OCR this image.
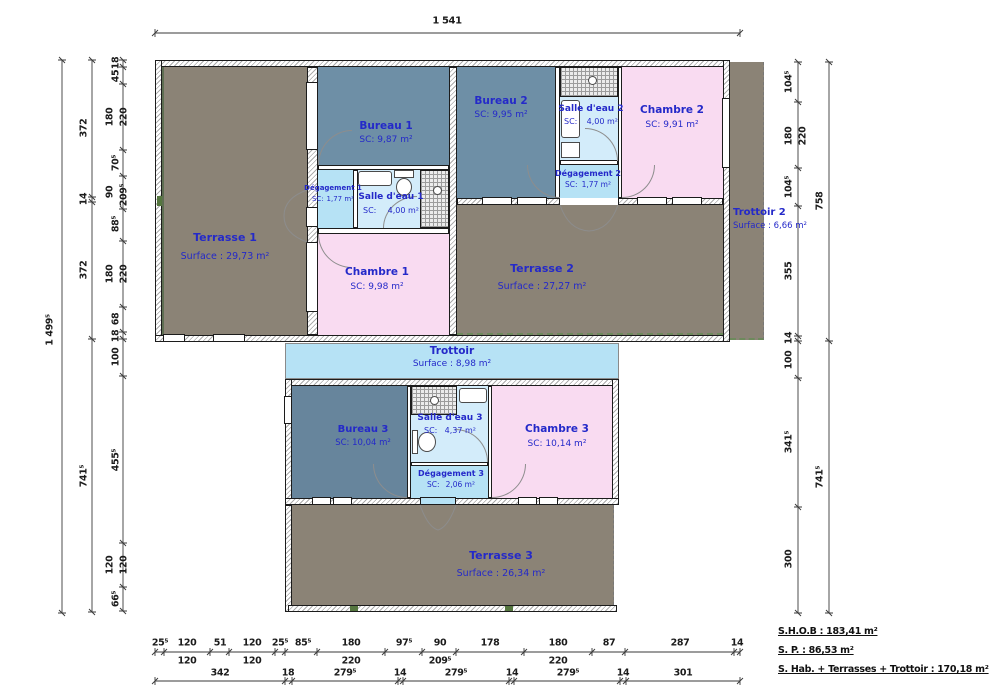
1 541
1 499⁵
372
14
372
741⁵
18
45
180 220
70⁵
90 209⁵
88⁵
180 220
68
18
100
455⁵
120 120
66⁵
104⁵
180 220
104⁵
355
14
100
341⁵
300
758
741⁵
25⁵ 120 51 120 25⁵ 85⁵	180	97⁵ 90	178	180	87	287	14
120	120	220	209⁵	220
342	18	279⁵	14	279⁵	14	279⁵	14	301
Terrasse 1
Surface : 29,73 m²
Bureau 1
SC: 9,87 m²
Dégagement 1
SC: 1,77 m² Salle d'eau 1
SC: 4,00 m²
Chambre 1
SC: 9,98 m²
Bureau 2
SC: 9,95 m²
Salle d'eau 2
SC: 4,00 m²
Chambre 2
SC: 9,91 m²
Dégagement 2
SC: 1,77 m²
Terrasse 2
Surface : 27,27 m²
Trottoir 2
Surface : 6,66 m²
Trottoir
Surface : 8,98 m²
Bureau 3
SC: 10,04 m²
Salle d'eau 3
SC: 4,37 m²
Dégagement 3
SC: 2,06 m²
Chambre 3
SC: 10,14 m²
Terrasse 3
Surface : 26,34 m²

S.H.O.B : 183,41 m²

S. P. : 86,53 m²

S. Hab. + Terrasses + Trottoir : 170,18 m²
